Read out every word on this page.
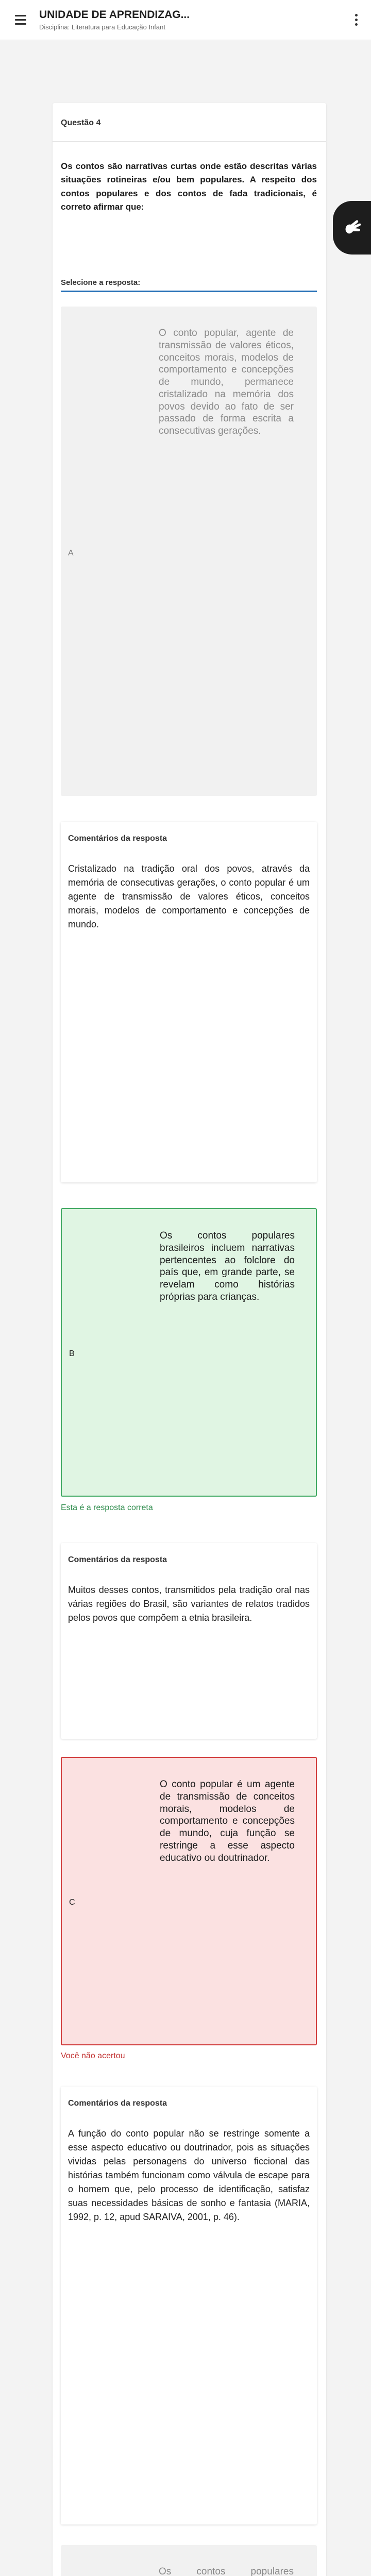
UNIDADE DE APRENDIZAG...
Disciplina: Literatura para Educação Infant
Questão 4
Os contos são narrativas curtas onde estão descritas várias situações rotineiras e/ou bem populares. A respeito dos contos populares e dos contos de fada tradicionais, é correto afirmar que:
Selecione a resposta:
A
O conto popular, agente de transmissão de valores éticos, conceitos morais, modelos de comportamento e concepções de mundo, permanece cristalizado na memória dos povos devido ao fato de ser passado de forma escrita a consecutivas gerações.
Comentários da resposta
Cristalizado na tradição oral dos povos, através da memória de consecutivas gerações, o conto popular é um agente de transmissão de valores éticos, conceitos morais, modelos de comportamento e concepções de mundo.
B
Os contos populares brasileiros incluem narrativas pertencentes ao folclore do país que, em grande parte, se revelam como histórias próprias para crianças.
Esta é a resposta correta
Comentários da resposta
Muitos desses contos, transmitidos pela tradição oral nas várias regiões do Brasil, são variantes de relatos tradidos pelos povos que compõem a etnia brasileira.
C
O conto popular é um agente de transmissão de conceitos morais, modelos de comportamento e concepções de mundo, cuja função se restringe a esse aspecto educativo ou doutrinador.
Você não acertou
Comentários da resposta
A função do conto popular não se restringe somente a esse aspecto educativo ou doutrinador, pois as situações vividas pelas personagens do universo ficcional das histórias também funcionam como válvula de escape para o homem que, pelo processo de identificação, satisfaz suas necessidades básicas de sonho e fantasia (MARIA, 1992, p. 12, apud SARAIVA, 2001, p. 46).
Os contos populares
